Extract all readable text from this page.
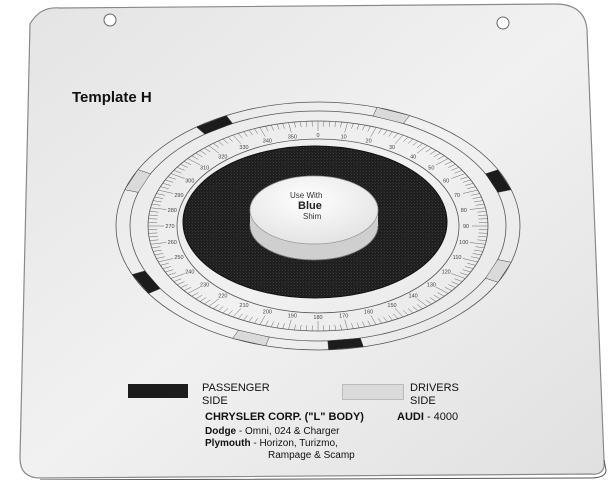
350	0	10
20
30
40
50
60
70
80
90
100
110
120
130
140
150
160
170
180
190
200
210
220
230
240
250
260
270
280
290
300
310
320
330
340
Template H
Use With
Blue
Shim
PASSENGER
SIDE
DRIVERS
SIDE
CHRYSLER CORP. ("L" BODY)	AUDI - 4000
Dodge - Omni, 024 & Charger
Plymouth - Horizon, Turizmo,
Rampage & Scamp
